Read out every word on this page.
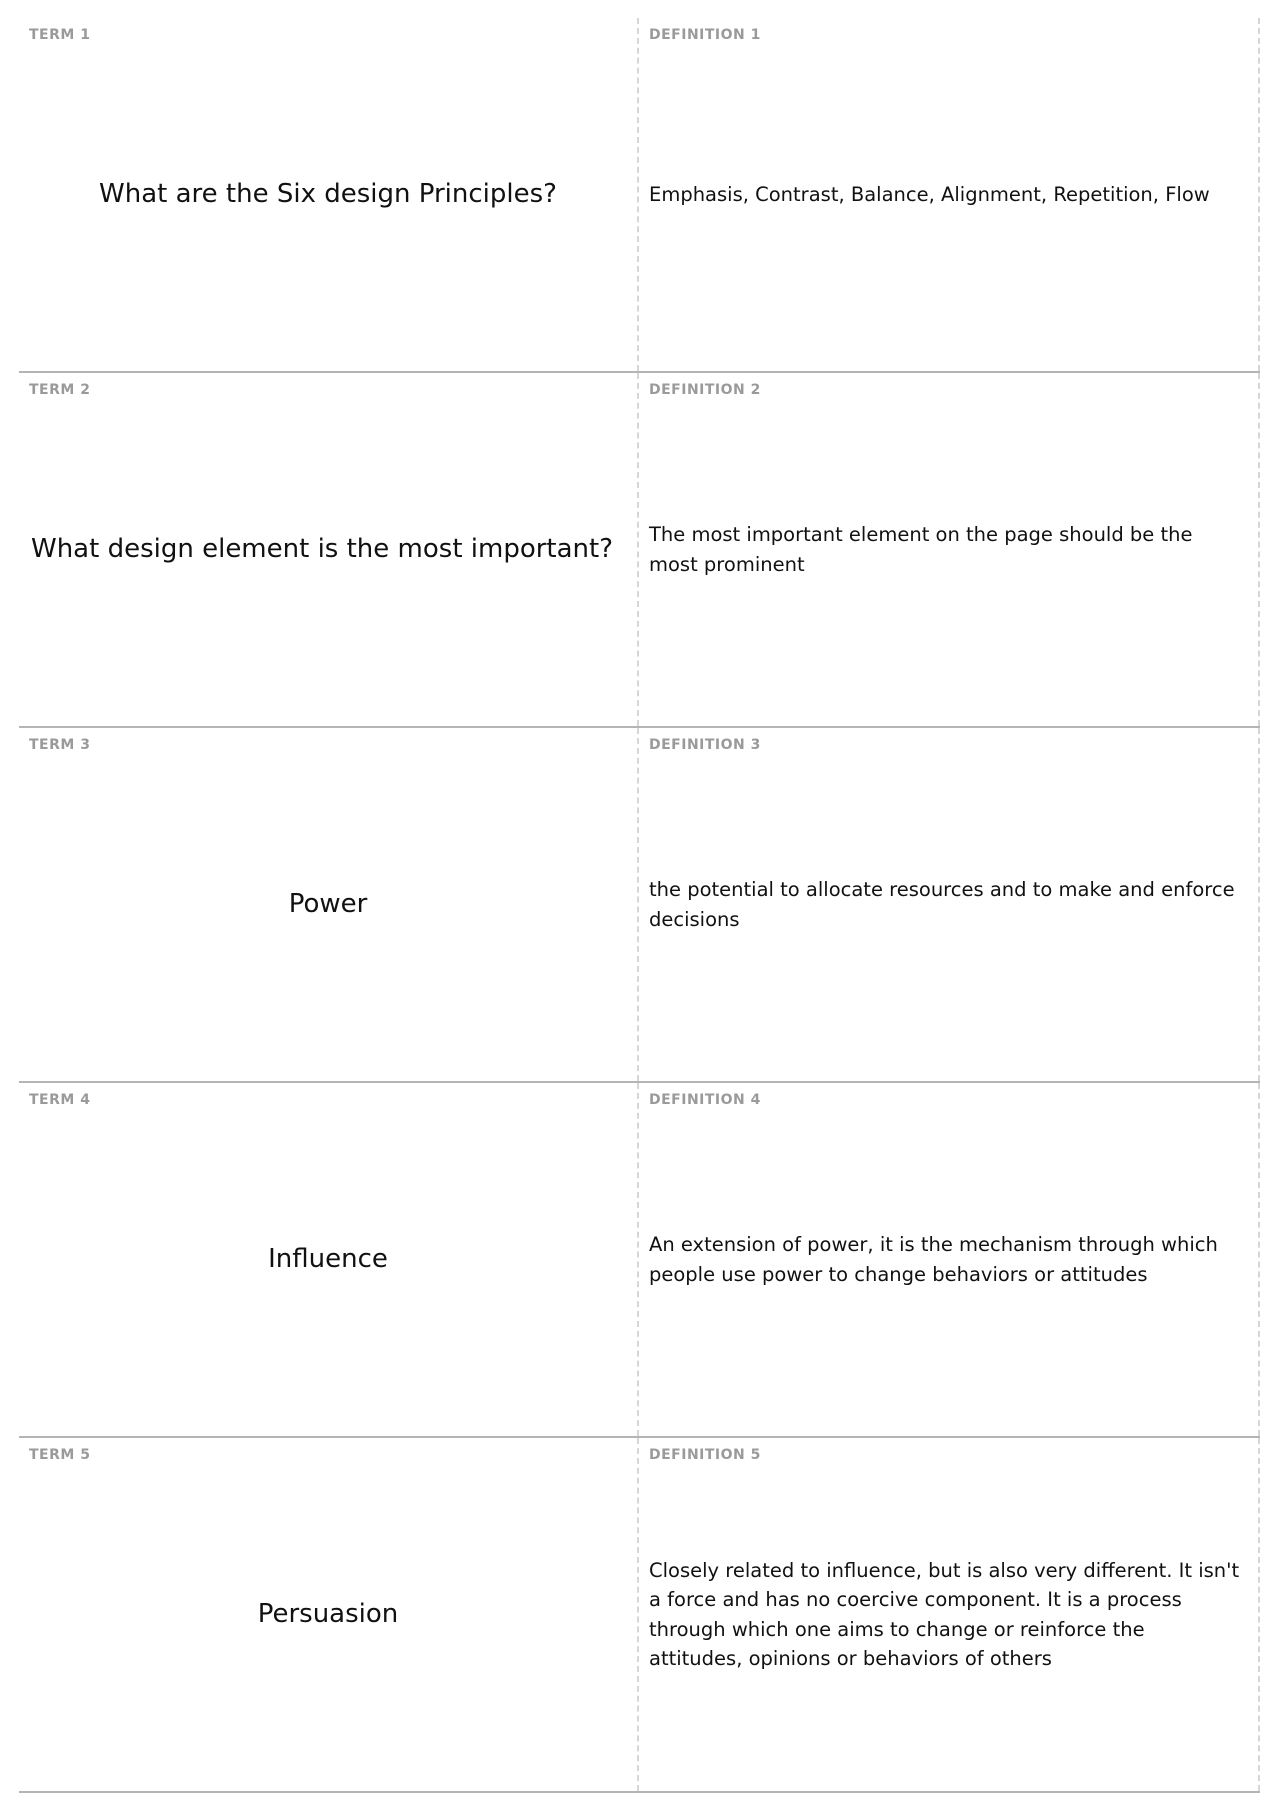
TERM 1
What are the Six design Principles?
DEFINITION 1
Emphasis, Contrast, Balance, Alignment, Repetition, Flow
TERM 2
What design element is the most important?
DEFINITION 2
The most important element on the page should be the most prominent
TERM 3
Power
DEFINITION 3
the potential to allocate resources and to make and enforce decisions
TERM 4
Influence
DEFINITION 4
An extension of power, it is the mechanism through which people use power to change behaviors or attitudes
TERM 5
Persuasion
DEFINITION 5
Closely related to influence, but is also very different. It isn't a force and has no coercive component. It is a process through which one aims to change or reinforce the attitudes, opinions or behaviors of others
